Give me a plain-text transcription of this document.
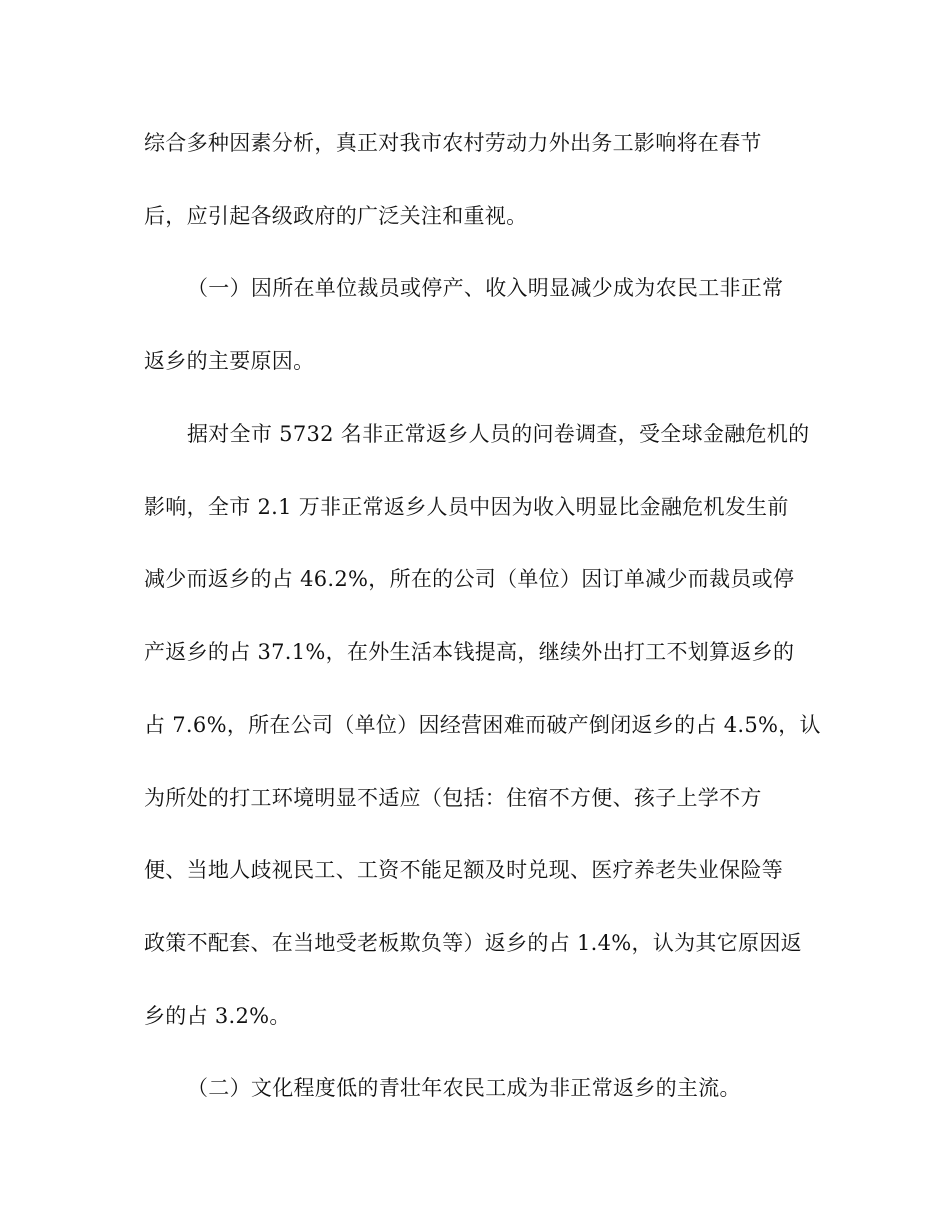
综合多种因素分析，真正对我市农村劳动力外出务工影响将在春节
后，应引起各级政府的广泛关注和重视。
（一）因所在单位裁员或停产、收入明显减少成为农民工非正常
返乡的主要原因。
据对全市 5732 名非正常返乡人员的问卷调查，受全球金融危机的
影响，全市 2.1 万非正常返乡人员中因为收入明显比金融危机发生前
减少而返乡的占 46.2%，所在的公司（单位）因订单减少而裁员或停
产返乡的占 37.1%，在外生活本钱提高，继续外出打工不划算返乡的
占 7.6%，所在公司（单位）因经营困难而破产倒闭返乡的占 4.5%，认
为所处的打工环境明显不适应（包括：住宿不方便、孩子上学不方
便、当地人歧视民工、工资不能足额及时兑现、医疗养老失业保险等
政策不配套、在当地受老板欺负等）返乡的占 1.4%，认为其它原因返
乡的占 3.2%。
（二）文化程度低的青壮年农民工成为非正常返乡的主流。
